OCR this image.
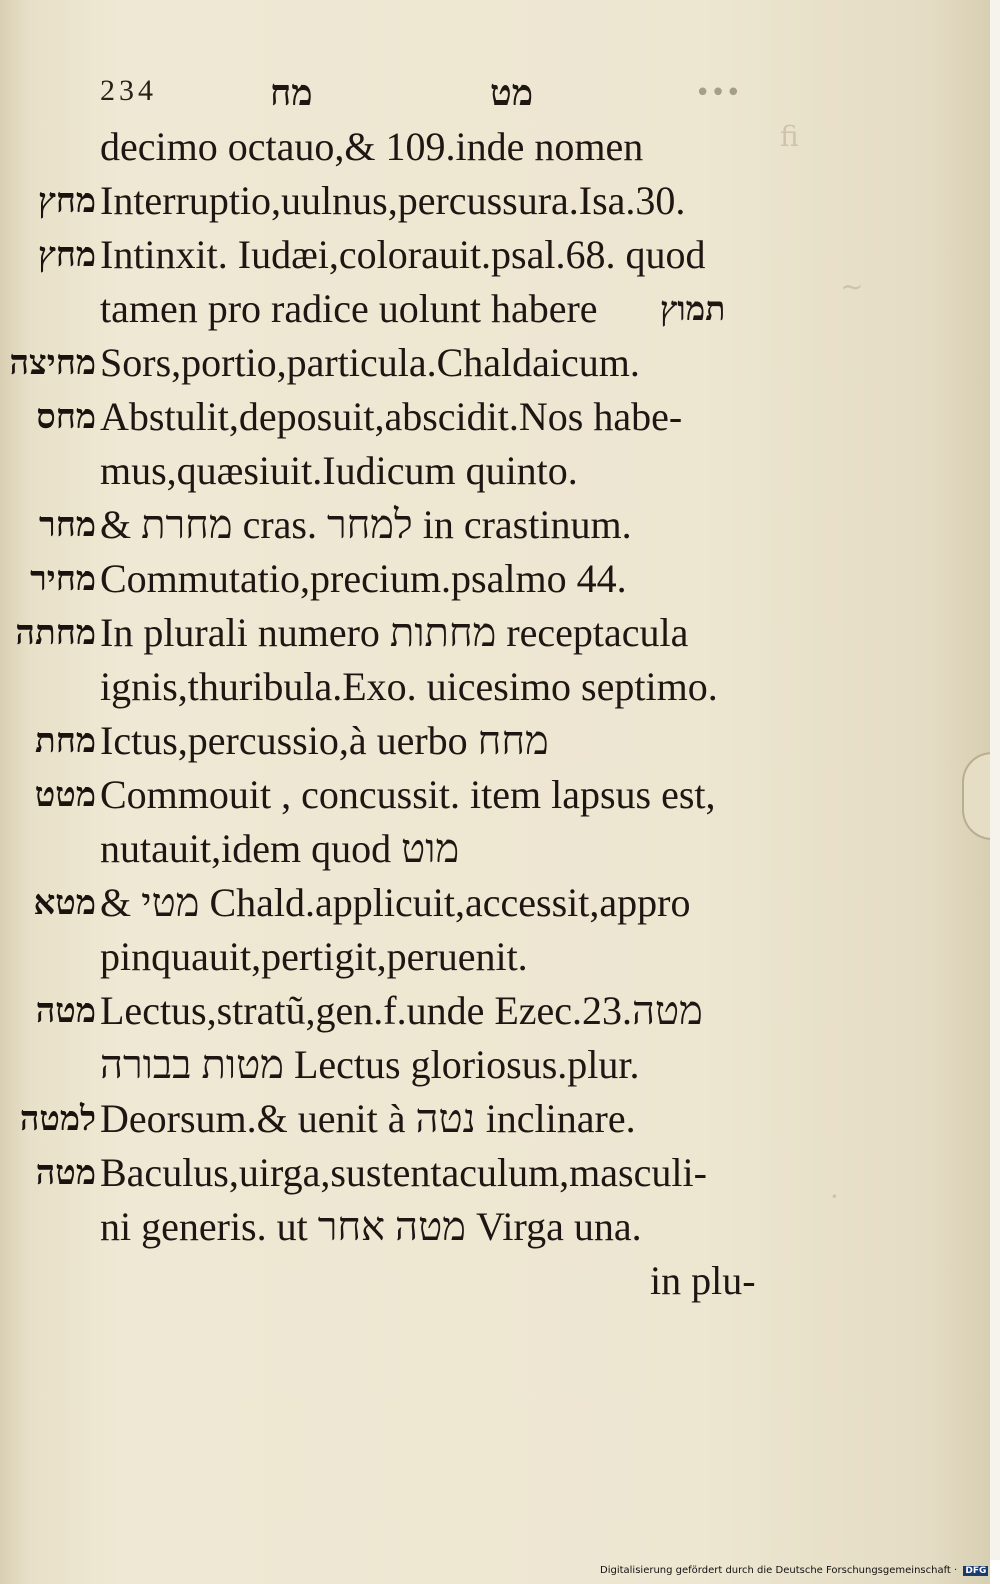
ﬁ
~
·
234	מח	מט	•••
decimo octauo,& 109.inde nomen
מחץ Interruptio,uulnus,percussura.Isa.30.
מחץ Intinxit. Iudæi,colorauit.psal.68. quod
tamen pro radice uolunt habere תמוץ
מחיצה Sors,portio,particula.Chaldaicum.
מחס Abstulit,deposuit,abscidit.Nos habe-
mus,quæsiuit.Iudicum quinto.
מחר & מחרת cras. למחר in crastinum.
מחיר Commutatio,precium.psalmo 44.
מחתה In plurali numero מחתות receptacula
ignis,thuribula.Exo. uicesimo septimo.
מחת Ictus,percussio,à uerbo מחח
מטט Commouit , concussit. item lapsus est,
nutauit,idem quod מוט
מטא & מטי Chald.applicuit,accessit,appro
pinquauit,pertigit,peruenit.
מטה Lectus,stratũ,gen.f.unde Ezec.23.מטה
מטות בבורה Lectus gloriosus.plur.
למטה Deorsum.& uenit à נטה inclinare.
מטה Baculus,uirga,sustentaculum,masculi-
ni generis. ut מטה אחר Virga una.
in plu-
Digitalisierung gefördert durch die Deutsche Forschungsgemeinschaft · DFG
